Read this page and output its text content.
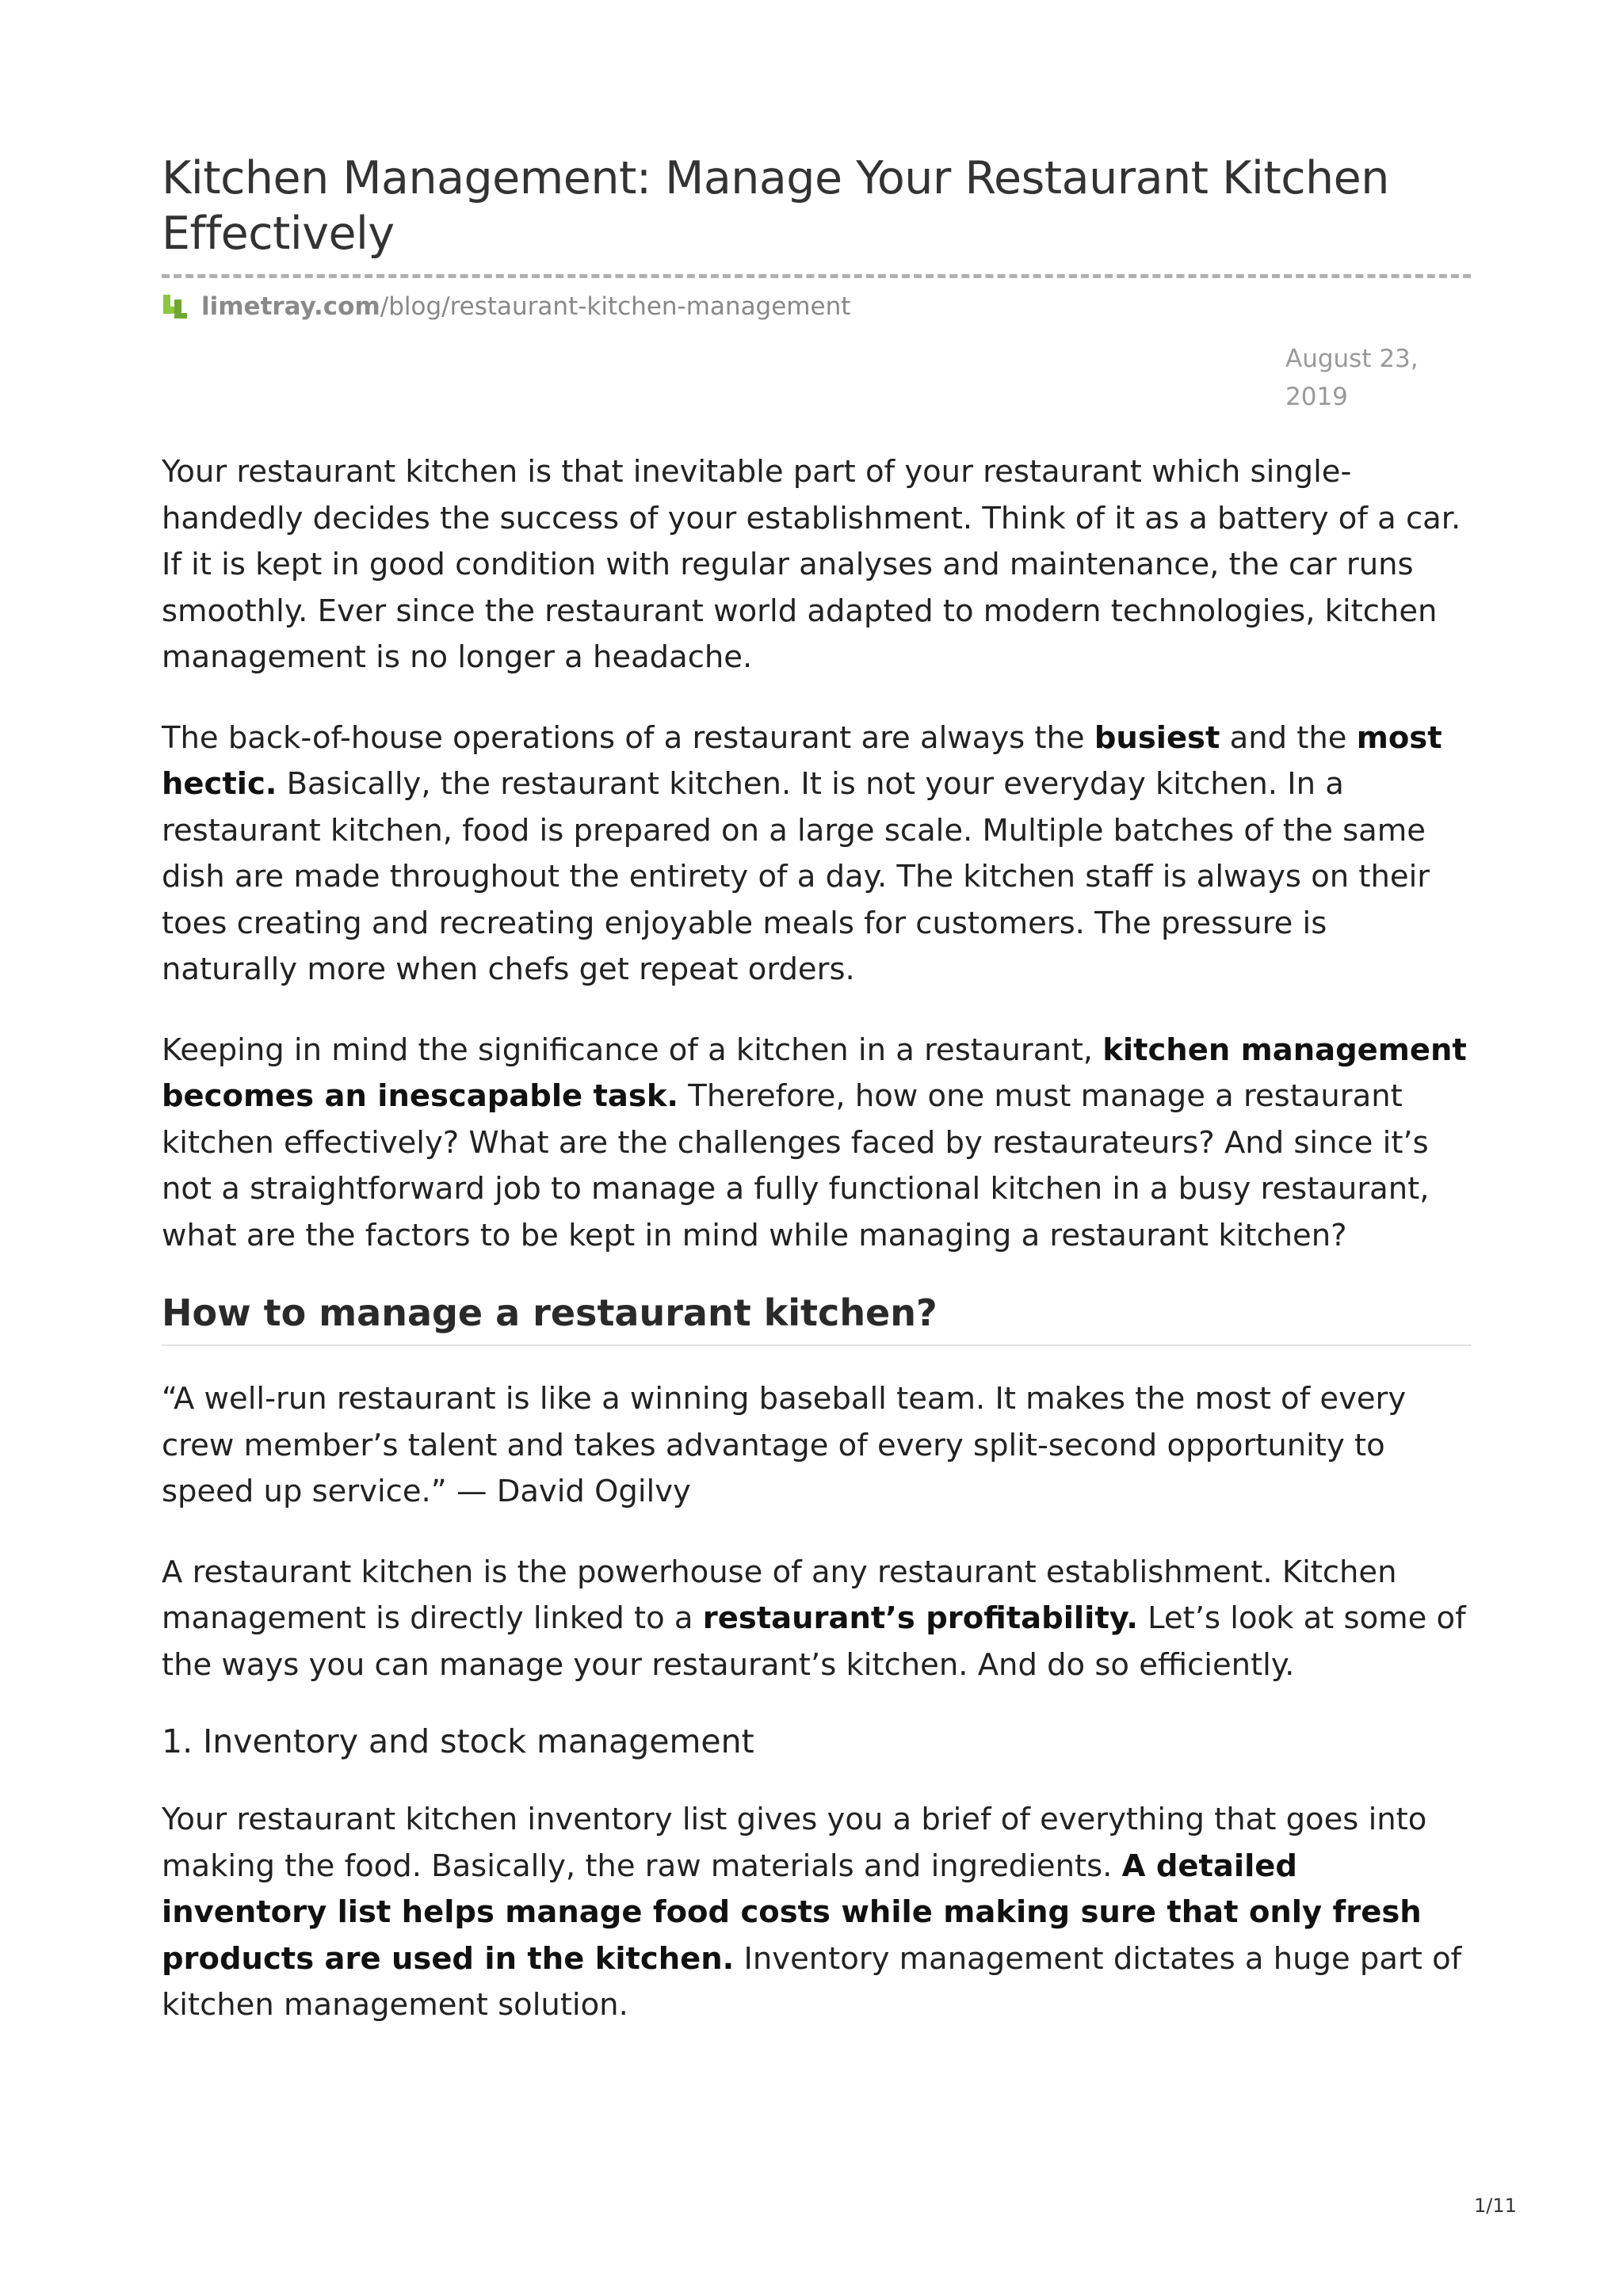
Kitchen Management: Manage Your Restaurant Kitchen Effectively
limetray.com /blog/restaurant-kitchen-management
August 23,
2019

Your restaurant kitchen is that inevitable part of your restaurant which single-handedly decides the success of your establishment. Think of it as a battery of a car. If it is kept in good condition with regular analyses and maintenance, the car runs smoothly. Ever since the restaurant world adapted to modern technologies, kitchen management is no longer a headache.

The back-of-house operations of a restaurant are always the busiest and the most hectic. Basically, the restaurant kitchen. It is not your everyday kitchen. In a restaurant kitchen, food is prepared on a large scale. Multiple batches of the same dish are made throughout the entirety of a day. The kitchen staff is always on their toes creating and recreating enjoyable meals for customers. The pressure is naturally more when chefs get repeat orders.

Keeping in mind the significance of a kitchen in a restaurant, kitchen management becomes an inescapable task. Therefore, how one must manage a restaurant kitchen effectively? What are the challenges faced by restaurateurs? And since it’s not a straightforward job to manage a fully functional kitchen in a busy restaurant, what are the factors to be kept in mind while managing a restaurant kitchen?

How to manage a restaurant kitchen?

“A well-run restaurant is like a winning baseball team. It makes the most of every crew member’s talent and takes advantage of every split-second opportunity to speed up service.” — David Ogilvy

A restaurant kitchen is the powerhouse of any restaurant establishment. Kitchen management is directly linked to a restaurant’s profitability. Let’s look at some of the ways you can manage your restaurant’s kitchen. And do so efficiently.

1. Inventory and stock management

Your restaurant kitchen inventory list gives you a brief of everything that goes into making the food. Basically, the raw materials and ingredients. A detailed inventory list helps manage food costs while making sure that only fresh products are used in the kitchen. Inventory management dictates a huge part of kitchen management solution.

1/11
